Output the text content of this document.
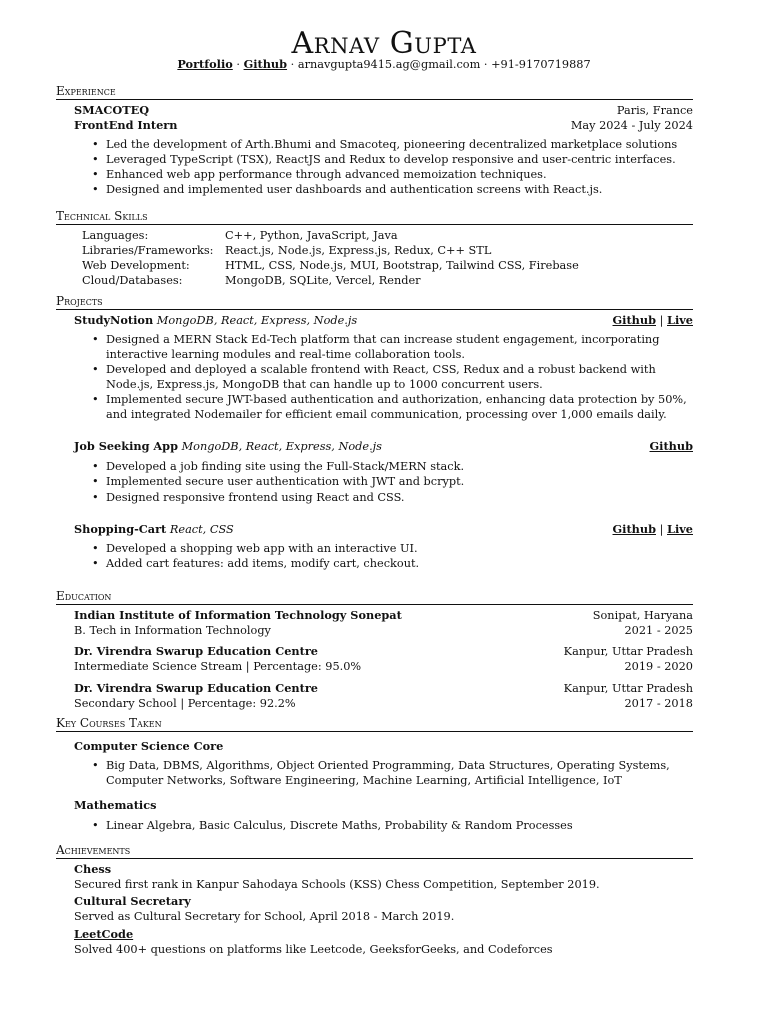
Arnav Gupta
Portfolio · Github · arnavgupta9415.ag@gmail.com · +91-9170719887
Experience
SMACOTEQ	Paris, France
FrontEnd Intern	May 2024 - July 2024
• Led the development of Arth.Bhumi and Smacoteq, pioneering decentralized marketplace solutions
• Leveraged TypeScript (TSX), ReactJS and Redux to develop responsive and user-centric interfaces.
• Enhanced web app performance through advanced memoization techniques.
• Designed and implemented user dashboards and authentication screens with React.js.
Technical Skills
Languages:	C++, Python, JavaScript, Java
Libraries/Frameworks: React.js, Node.js, Express.js, Redux, C++ STL
Web Development:	HTML, CSS, Node.js, MUI, Bootstrap, Tailwind CSS, Firebase
Cloud/Databases:	MongoDB, SQLite, Vercel, Render
Projects
StudyNotion MongoDB, React, Express, Node.js	Github | Live
• Designed a MERN Stack Ed-Tech platform that can increase student engagement, incorporating
interactive learning modules and real-time collaboration tools.
• Developed and deployed a scalable frontend with React, CSS, Redux and a robust backend with
Node.js, Express.js, MongoDB that can handle up to 1000 concurrent users.
• Implemented secure JWT-based authentication and authorization, enhancing data protection by 50%,
and integrated Nodemailer for efficient email communication, processing over 1,000 emails daily.
Job Seeking App MongoDB, React, Express, Node.js	Github
• Developed a job finding site using the Full-Stack/MERN stack.
• Implemented secure user authentication with JWT and bcrypt.
• Designed responsive frontend using React and CSS.
Shopping-Cart React, CSS	Github | Live
• Developed a shopping web app with an interactive UI.
• Added cart features: add items, modify cart, checkout.
Education
Indian Institute of Information Technology Sonepat	Sonipat, Haryana
B. Tech in Information Technology	2021 - 2025
Dr. Virendra Swarup Education Centre	Kanpur, Uttar Pradesh
Intermediate Science Stream | Percentage: 95.0%	2019 - 2020
Dr. Virendra Swarup Education Centre	Kanpur, Uttar Pradesh
Secondary School | Percentage: 92.2%	2017 - 2018
Key Courses Taken
Computer Science Core
• Big Data, DBMS, Algorithms, Object Oriented Programming, Data Structures, Operating Systems,
Computer Networks, Software Engineering, Machine Learning, Artificial Intelligence, IoT
Mathematics
• Linear Algebra, Basic Calculus, Discrete Maths, Probability & Random Processes
Achievements
Chess
Secured first rank in Kanpur Sahodaya Schools (KSS) Chess Competition, September 2019.
Cultural Secretary
Served as Cultural Secretary for School, April 2018 - March 2019.
LeetCode
Solved 400+ questions on platforms like Leetcode, GeeksforGeeks, and Codeforces
